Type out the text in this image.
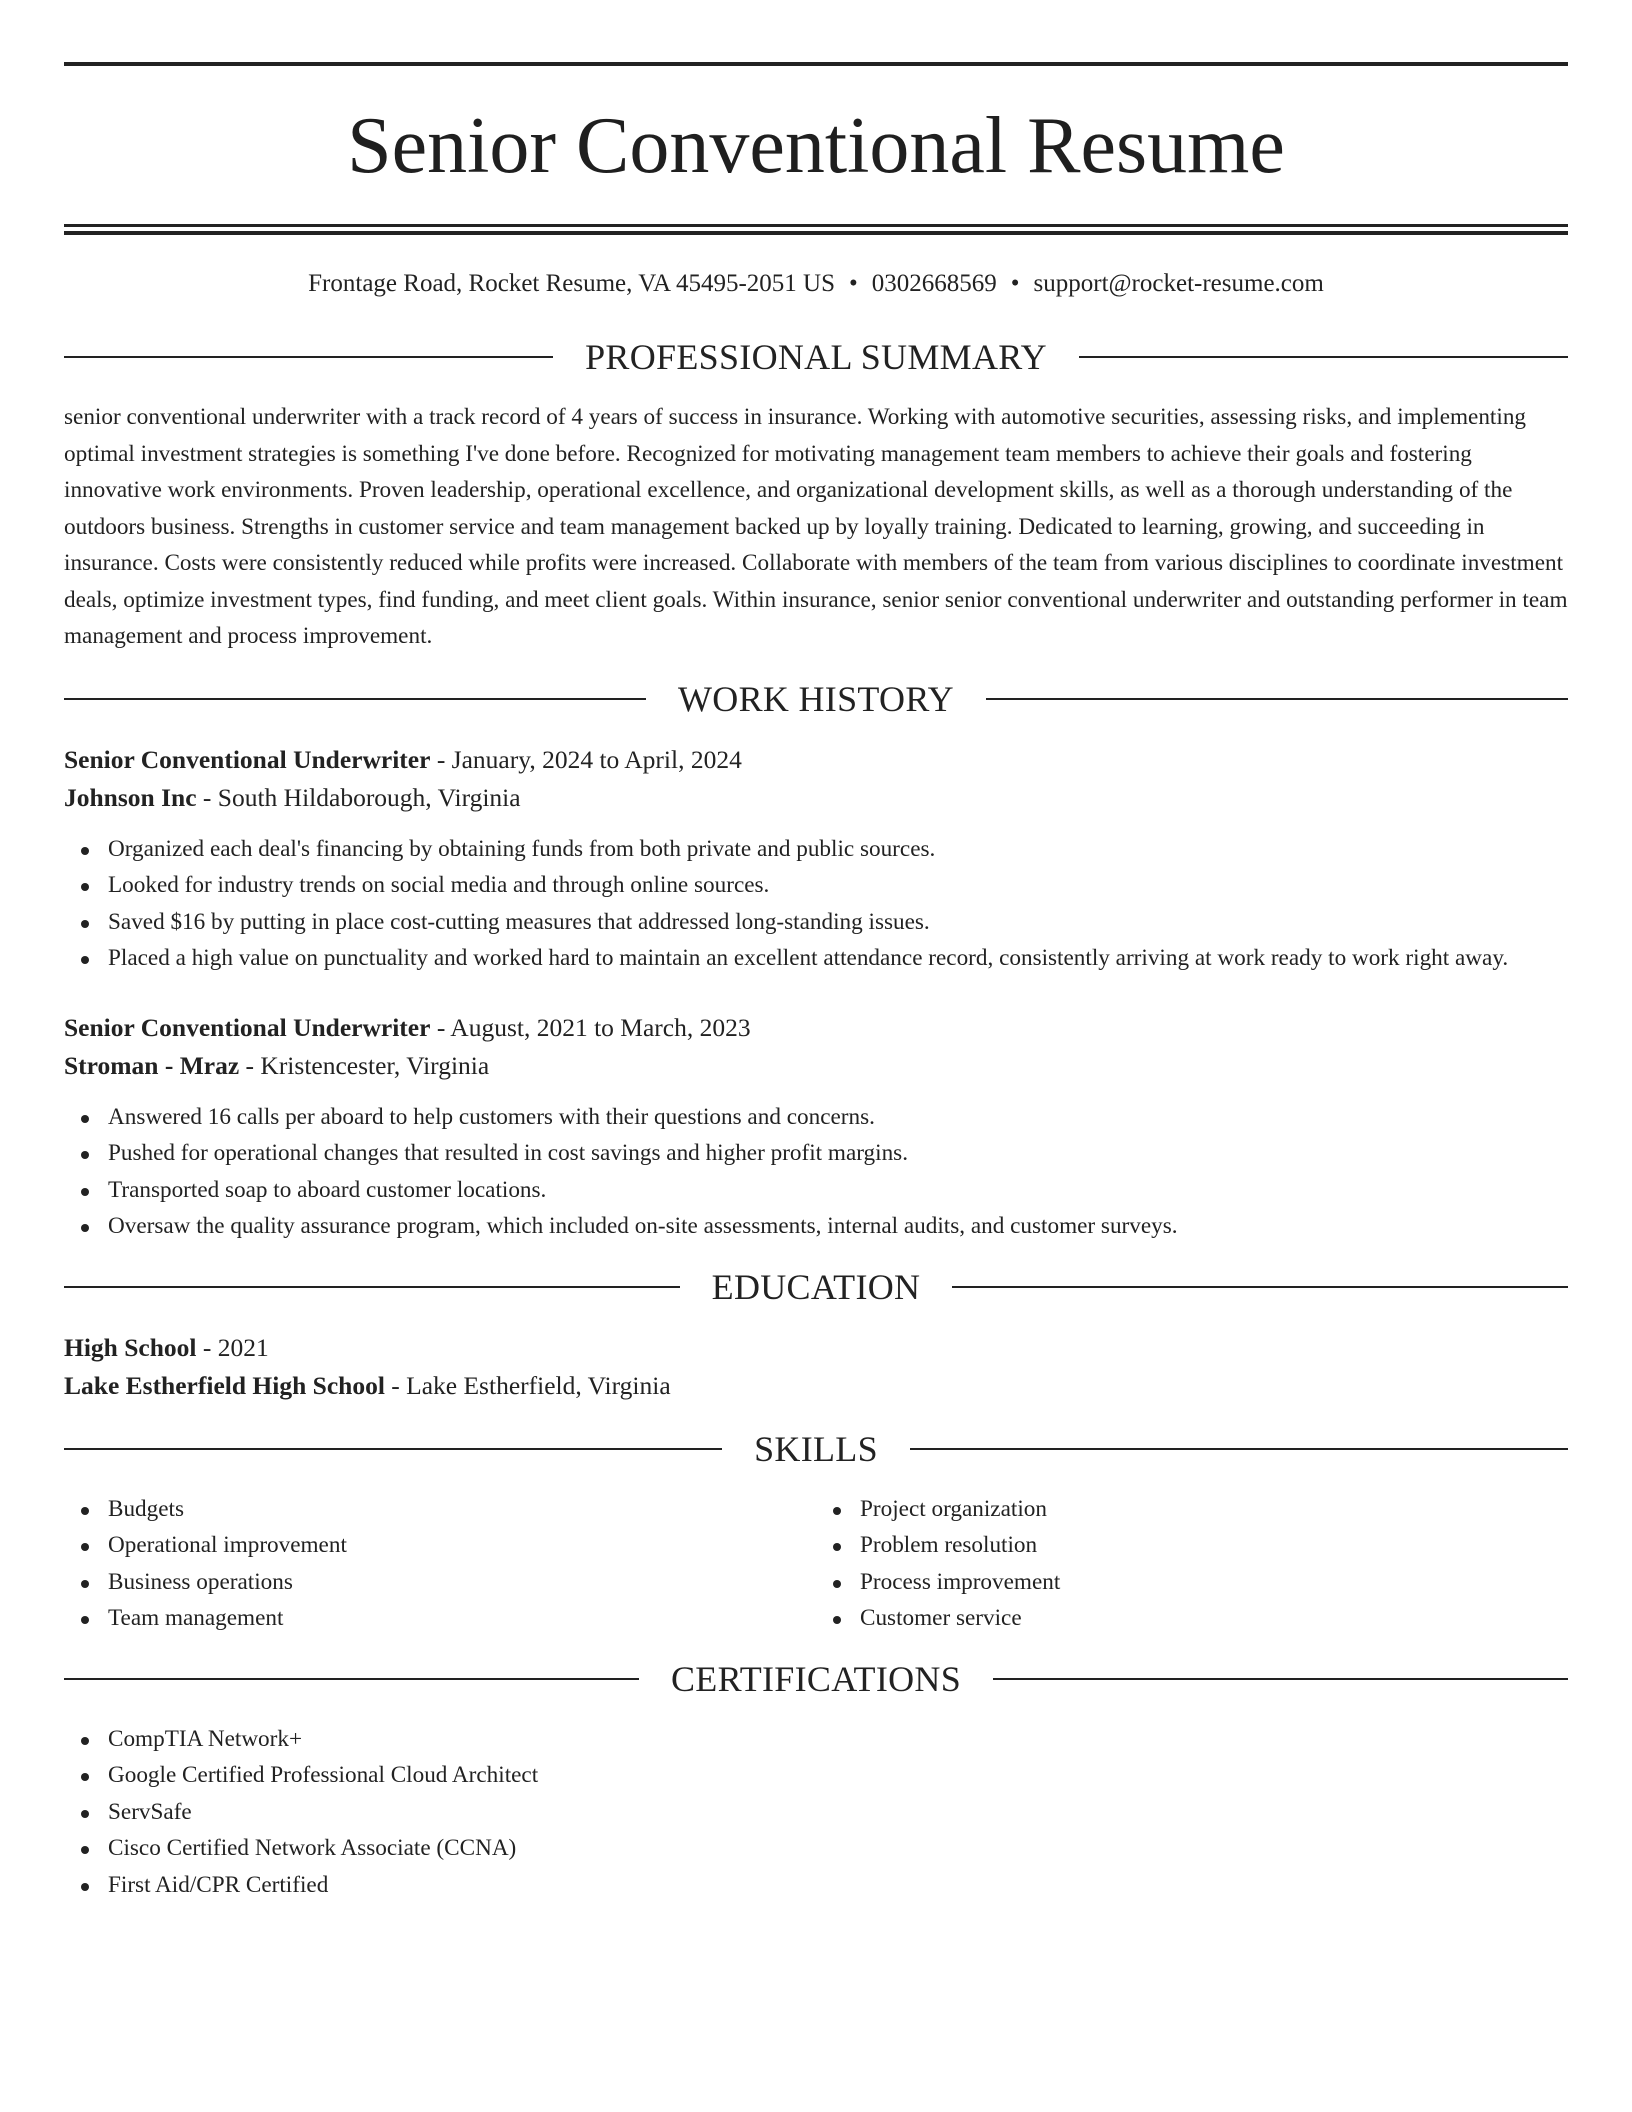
Senior Conventional Resume
Frontage Road, Rocket Resume, VA 45495-2051 US • 0302668569 • support@rocket-resume.com
PROFESSIONAL SUMMARY

senior conventional underwriter with a track record of 4 years of success in insurance. Working with automotive securities, assessing risks, and implementing optimal investment strategies is something I've done before. Recognized for motivating management team members to achieve their goals and fostering innovative work environments. Proven leadership, operational excellence, and organizational development skills, as well as a thorough understanding of the outdoors business. Strengths in customer service and team management backed up by loyally training. Dedicated to learning, growing, and succeeding in insurance. Costs were consistently reduced while profits were increased. Collaborate with members of the team from various disciplines to coordinate investment deals, optimize investment types, find funding, and meet client goals. Within insurance, senior senior conventional underwriter and outstanding performer in team management and process improvement.

WORK HISTORY
Senior Conventional Underwriter - January, 2024 to April, 2024
Johnson Inc - South Hildaborough, Virginia
Organized each deal's financing by obtaining funds from both private and public sources.
Looked for industry trends on social media and through online sources.
Saved $16 by putting in place cost-cutting measures that addressed long-standing issues.
Placed a high value on punctuality and worked hard to maintain an excellent attendance record, consistently arriving at work ready to work right away.
Senior Conventional Underwriter - August, 2021 to March, 2023
Stroman - Mraz - Kristencester, Virginia
Answered 16 calls per aboard to help customers with their questions and concerns.
Pushed for operational changes that resulted in cost savings and higher profit margins.
Transported soap to aboard customer locations.
Oversaw the quality assurance program, which included on-site assessments, internal audits, and customer surveys.
EDUCATION
High School - 2021
Lake Estherfield High School - Lake Estherfield, Virginia
SKILLS
Budgets
Operational improvement
Business operations
Team management
Project organization
Problem resolution
Process improvement
Customer service
CERTIFICATIONS
CompTIA Network+
Google Certified Professional Cloud Architect
ServSafe
Cisco Certified Network Associate (CCNA)
First Aid/CPR Certified
